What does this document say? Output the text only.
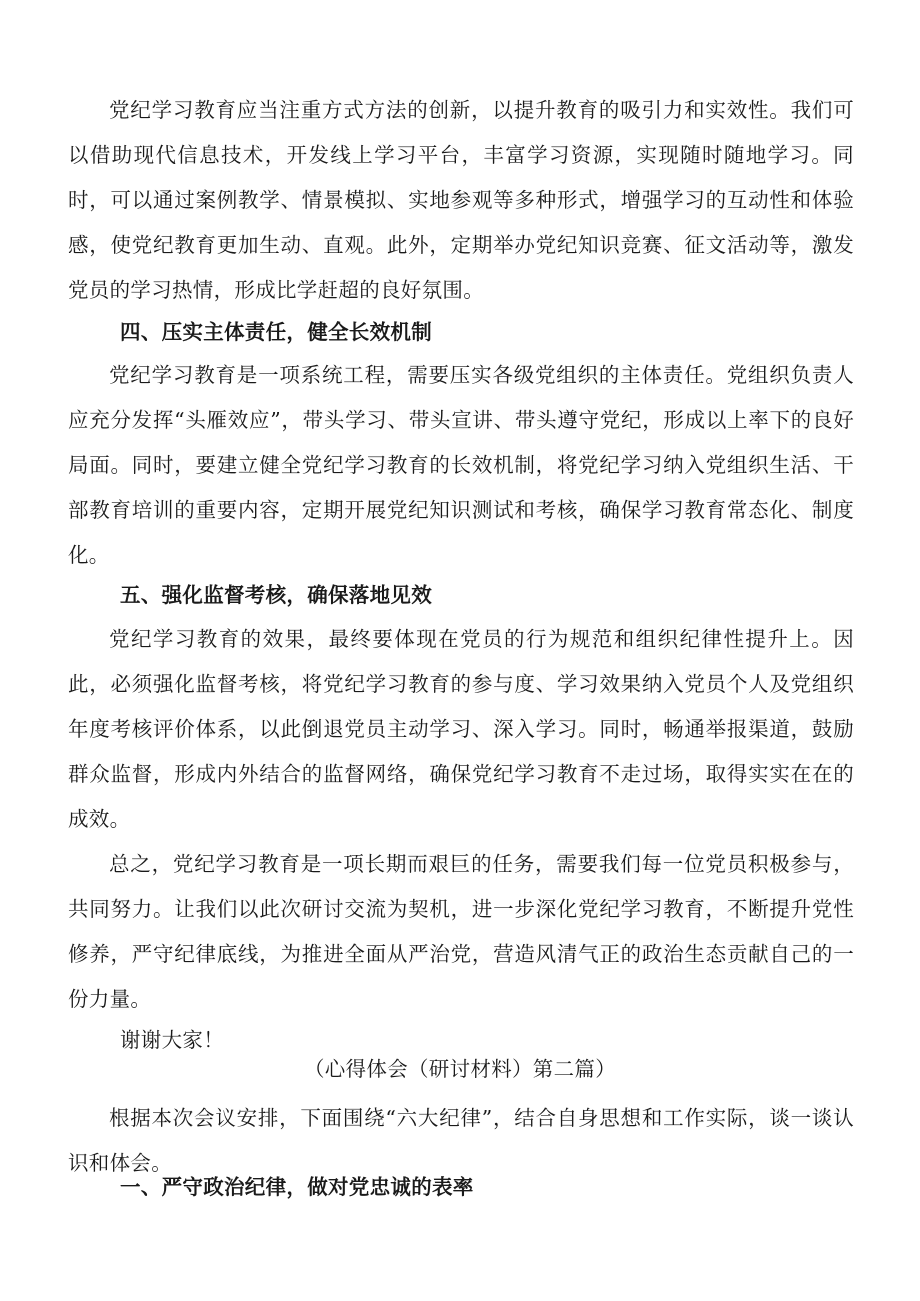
党纪学习教育应当注重方式方法的创新，以提升教育的吸引力和实效性。我们可以借助现代信息技术，开发线上学习平台，丰富学习资源，实现随时随地学习。同时，可以通过案例教学、情景模拟、实地参观等多种形式，增强学习的互动性和体验感，使党纪教育更加生动、直观。此外，定期举办党纪知识竞赛、征文活动等，激发党员的学习热情，形成比学赶超的良好氛围。

四、压实主体责任，健全长效机制

党纪学习教育是一项系统工程，需要压实各级党组织的主体责任。党组织负责人应充分发挥“头雁效应”，带头学习、带头宣讲、带头遵守党纪，形成以上率下的良好局面。同时，要建立健全党纪学习教育的长效机制，将党纪学习纳入党组织生活、干部教育培训的重要内容，定期开展党纪知识测试和考核，确保学习教育常态化、制度化。

五、强化监督考核，确保落地见效

党纪学习教育的效果，最终要体现在党员的行为规范和组织纪律性提升上。因此，必须强化监督考核，将党纪学习教育的参与度、学习效果纳入党员个人及党组织年度考核评价体系，以此倒退党员主动学习、深入学习。同时，畅通举报渠道，鼓励群众监督，形成内外结合的监督网络，确保党纪学习教育不走过场，取得实实在在的成效。

总之，党纪学习教育是一项长期而艰巨的任务，需要我们每一位党员积极参与，共同努力。让我们以此次研讨交流为契机，进一步深化党纪学习教育，不断提升党性修养，严守纪律底线，为推进全面从严治党，营造风清气正的政治生态贡献自己的一份力量。

谢谢大家！

（心得体会（研讨材料）第二篇）

根据本次会议安排，下面围绕“六大纪律”，结合自身思想和工作实际，谈一谈认识和体会。

一、严守政治纪律，做对党忠诚的表率
